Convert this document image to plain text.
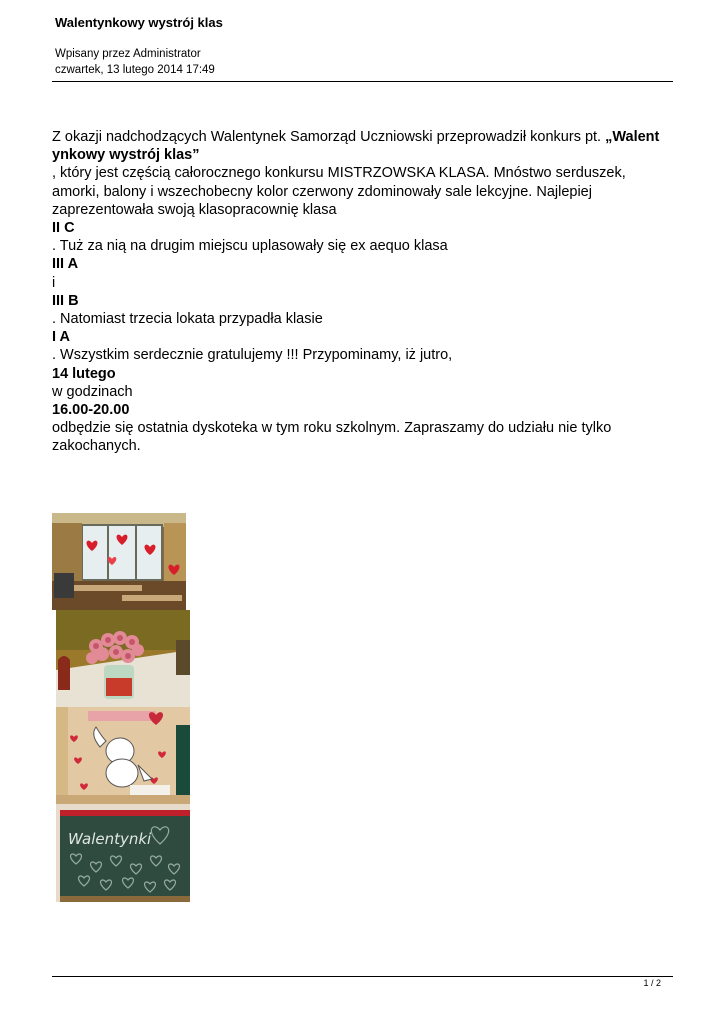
Walentynkowy wystrój klas
Wpisany przez Administrator
czwartek, 13 lutego 2014 17:49

Z okazji nadchodzących Walentynek Samorząd Uczniowski przeprowadził konkurs pt. „Walent

ynkowy wystrój klas”

, który jest częścią całorocznego konkursu MISTRZOWSKA KLASA. Mnóstwo serduszek,

amorki, balony i wszechobecny kolor czerwony zdominowały sale lekcyjne. Najlepiej

zaprezentowała swoją klasopracownię klasa

II C

. Tuż za nią na drugim miejscu uplasowały się ex aequo klasa

III A

i

III B

. Natomiast trzecia lokata przypadła klasie

I A

. Wszystkim serdecznie gratulujemy !!! Przypominamy, iż jutro,

14 lutego

w godzinach

16.00-20.00

odbędzie się ostatnia dyskoteka w tym roku szkolnym. Zapraszamy do udziału nie tylko

zakochanych.

Walentynki
1 / 2
